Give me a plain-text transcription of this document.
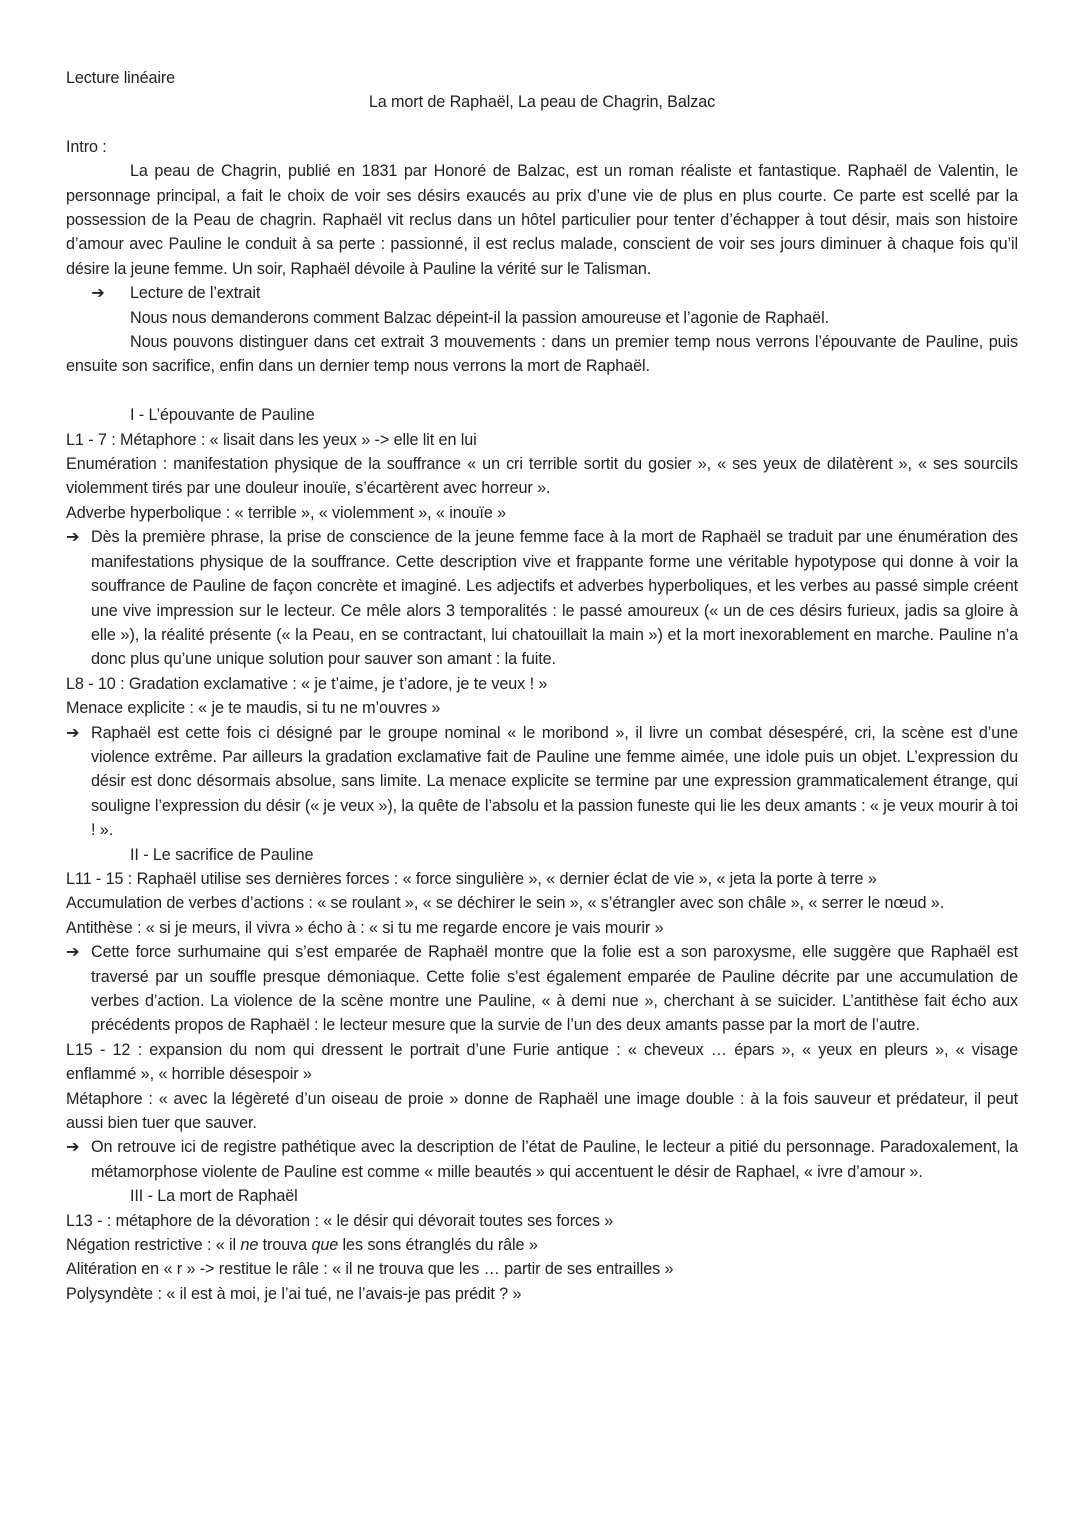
Lecture linéaire
La mort de Raphaël, La peau de Chagrin, Balzac
Intro :
La peau de Chagrin, publié en 1831 par Honoré de Balzac, est un roman réaliste et fantastique. Raphaël de Valentin, le personnage principal, a fait le choix de voir ses désirs exaucés au prix d’une vie de plus en plus courte. Ce parte est scellé par la possession de la Peau de chagrin. Raphaël vit reclus dans un hôtel particulier pour tenter d’échapper à tout désir, mais son histoire d’amour avec Pauline le conduit à sa perte : passionné, il est reclus malade, conscient de voir ses jours diminuer à chaque fois qu’il désire la jeune femme. Un soir, Raphaël dévoile à Pauline la vérité sur le Talisman.
➔ Lecture de l’extrait
Nous nous demanderons comment Balzac dépeint-il la passion amoureuse et l’agonie de Raphaël.
Nous pouvons distinguer dans cet extrait 3 mouvements : dans un premier temp nous verrons l’épouvante de Pauline, puis ensuite son sacrifice, enfin dans un dernier temp nous verrons la mort de Raphaël.
I - L’épouvante de Pauline
L1 - 7 : Métaphore : « lisait dans les yeux » -> elle lit en lui
Enumération : manifestation physique de la souffrance « un cri terrible sortit du gosier », « ses yeux de dilatèrent », « ses sourcils violemment tirés par une douleur inouïe, s’écartèrent avec horreur ».
Adverbe hyperbolique : « terrible », « violemment », « inouïe »
➔ Dès la première phrase, la prise de conscience de la jeune femme face à la mort de Raphaël se traduit par une énumération des manifestations physique de la souffrance. Cette description vive et frappante forme une véritable hypotypose qui donne à voir la souffrance de Pauline de façon concrète et imaginé. Les adjectifs et adverbes hyperboliques, et les verbes au passé simple créent une vive impression sur le lecteur. Ce mêle alors 3 temporalités : le passé amoureux (« un de ces désirs furieux, jadis sa gloire à elle »), la réalité présente (« la Peau, en se contractant, lui chatouillait la main ») et la mort inexorablement en marche. Pauline n’a donc plus qu’une unique solution pour sauver son amant : la fuite.
L8 - 10 : Gradation exclamative : « je t’aime, je t’adore, je te veux ! »
Menace explicite : « je te maudis, si tu ne m’ouvres »
➔ Raphaël est cette fois ci désigné par le groupe nominal « le moribond », il livre un combat désespéré, cri, la scène est d’une violence extrême. Par ailleurs la gradation exclamative fait de Pauline une femme aimée, une idole puis un objet. L’expression du désir est donc désormais absolue, sans limite. La menace explicite se termine par une expression grammaticalement étrange, qui souligne l’expression du désir (« je veux »), la quête de l’absolu et la passion funeste qui lie les deux amants : « je veux mourir à toi ! ».
II - Le sacrifice de Pauline
L11 - 15 : Raphaël utilise ses dernières forces : « force singulière », « dernier éclat de vie », « jeta la porte à terre »
Accumulation de verbes d’actions : « se roulant », « se déchirer le sein », « s’étrangler avec son châle », « serrer le nœud ».
Antithèse : « si je meurs, il vivra » écho à : « si tu me regarde encore je vais mourir »
➔ Cette force surhumaine qui s’est emparée de Raphaël montre que la folie est a son paroxysme, elle suggère que Raphaël est traversé par un souffle presque démoniaque. Cette folie s’est également emparée de Pauline décrite par une accumulation de verbes d’action. La violence de la scène montre une Pauline, « à demi nue », cherchant à se suicider. L’antithèse fait écho aux précédents propos de Raphaël : le lecteur mesure que la survie de l’un des deux amants passe par la mort de l’autre.
L15 - 12 : expansion du nom qui dressent le portrait d’une Furie antique : « cheveux … épars », « yeux en pleurs », « visage enflammé », « horrible désespoir »
Métaphore : « avec la légèreté d’un oiseau de proie » donne de Raphaël une image double : à la fois sauveur et prédateur, il peut aussi bien tuer que sauver.
➔ On retrouve ici de registre pathétique avec la description de l’état de Pauline, le lecteur a pitié du personnage. Paradoxalement, la métamorphose violente de Pauline est comme « mille beautés » qui accentuent le désir de Raphael, « ivre d’amour ».
III - La mort de Raphaël
L13 - : métaphore de la dévoration : « le désir qui dévorait toutes ses forces »
Négation restrictive : « il ne trouva que les sons étranglés du râle »
Alitération en « r » -> restitue le râle : « il ne trouva que les … partir de ses entrailles »
Polysyndète : « il est à moi, je l’ai tué, ne l’avais-je pas prédit ? »
